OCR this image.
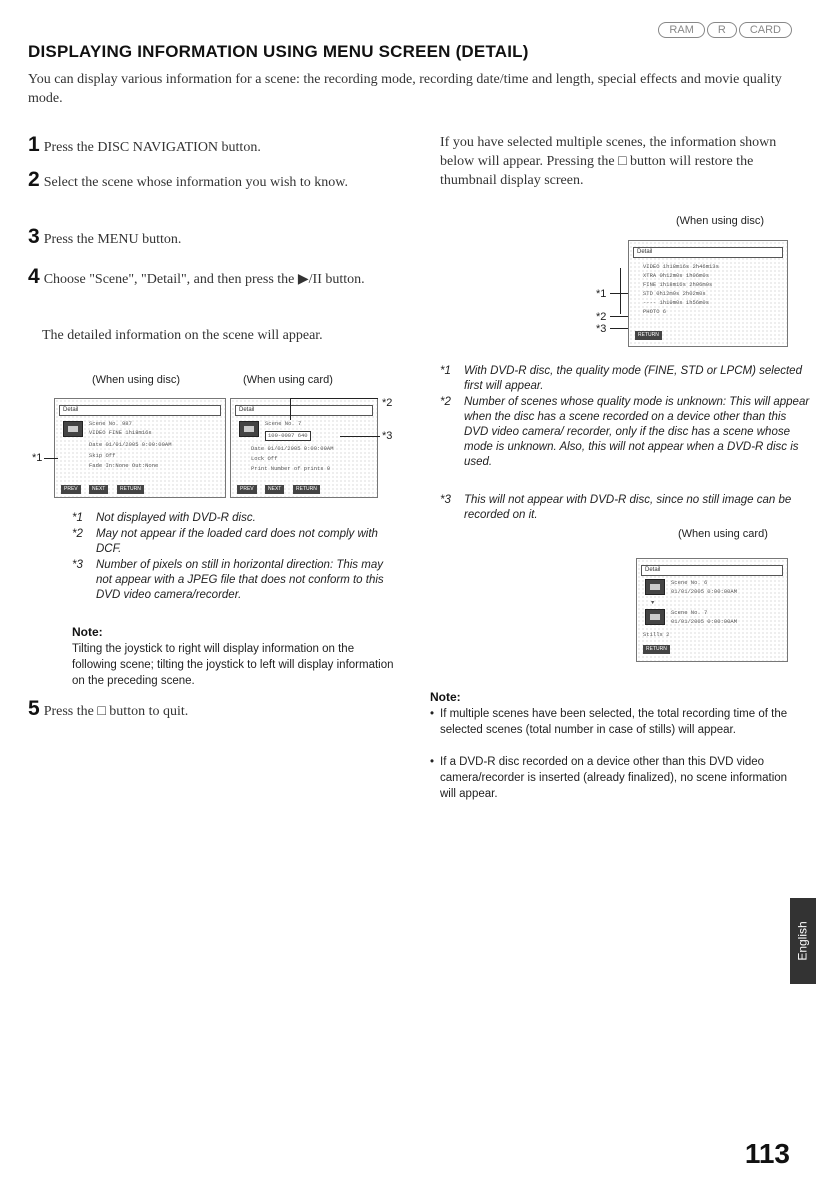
RAM	R	CARD
DISPLAYING INFORMATION USING MENU SCREEN (DETAIL)
You can display various information for a scene: the recording mode, recording date/time and length, special effects and movie quality mode.
1 Press the DISC NAVIGATION button.
2 Select the scene whose information you wish to know.
3 Press the MENU button.
4 Choose "Scene", "Detail", and then press the ▶/II button.
The detailed information on the scene will appear.
(When using disc)	(When using card)
Detail
Scene No. 987
VIDEO FINE 1h18m16s
Date 01/01/2005 0:00:00AM
Skip Off
Fade In:None Out:None
PREV	NEXT	RETURN
*1
Detail
Scene No. 7
100-0007 640
Date 01/01/2005 0:00:00AM
Lock Off
Print Number of prints 0
PREV	NEXT	RETURN
*2
*3
*1	Not displayed with DVD-R disc.
*2	May not appear if the loaded card does not comply with DCF.
*3	Number of pixels on still in horizontal direction: This may not appear with a JPEG file that does not conform to this DVD video camera/recorder.
Note:
Tilting the joystick to right will display information on the following scene; tilting the joystick to left will display information on the preceding scene.
5 Press the □ button to quit.
If you have selected multiple scenes, the information shown below will appear. Pressing the □ button will restore the thumbnail display screen.
(When using disc)
Detail
VIDEO 1h18m16s 2h46m13s
XTRA 0h12m0s 1h06m0s
FINE 1h18m16s 2h06m0s
STD 0h12m0s 2h02m0s
---- 1h10m0s 1h56m0s
PHOTO 6
RETURN
*1
*2
*3
*1	With DVD-R disc, the quality mode (FINE, STD or LPCM) selected first will appear.
*2	Number of scenes whose quality mode is unknown: This will appear when the disc has a scene recorded on a device other than this DVD video camera/ recorder, only if the disc has a scene whose mode is unknown. Also, this will not appear when a DVD-R disc is used.
*3	This will not appear with DVD-R disc, since no still image can be recorded on it.
(When using card)
Detail
Scene No. 6
01/01/2005 0:00:00AM
▼
Scene No. 7
01/01/2005 0:00:00AM
Stills 2
RETURN
Note:
• If multiple scenes have been selected, the total recording time of the selected scenes (total number in case of stills) will appear.
• If a DVD-R disc recorded on a device other than this DVD video camera/recorder is inserted (already finalized), no scene information will appear.
English
113
